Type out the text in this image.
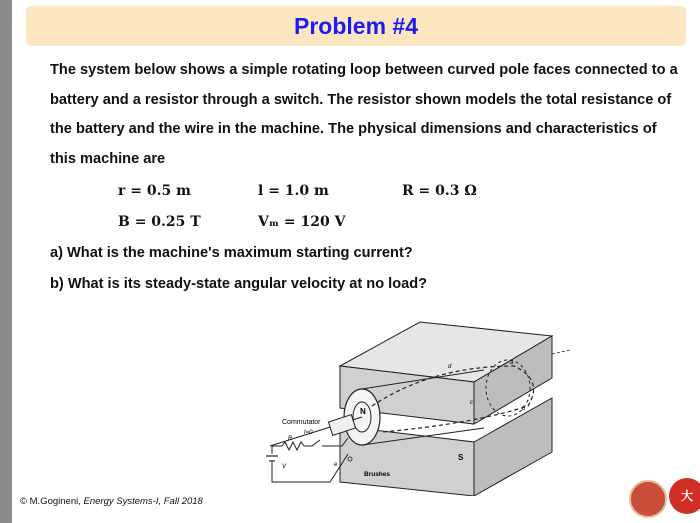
Problem #4
The system below shows a simple rotating loop between curved pole faces connected to a battery and a resistor through a switch. The resistor shown models the total resistance of the battery and the wire in the machine. The physical dimensions and characteristics of this machine are
r = 0.5 m	l = 1.0 m	R = 0.3 Ω
B = 0.25 T	Vₘ = 120 V
a) What is the machine's maximum starting current?
b) What is its steady-state angular velocity at no load?
Commutator
Brushes
N
S
t=0
R
V	e
c
b
d
a
© M.Gogineni, Energy Systems-I, Fall 2018	大
